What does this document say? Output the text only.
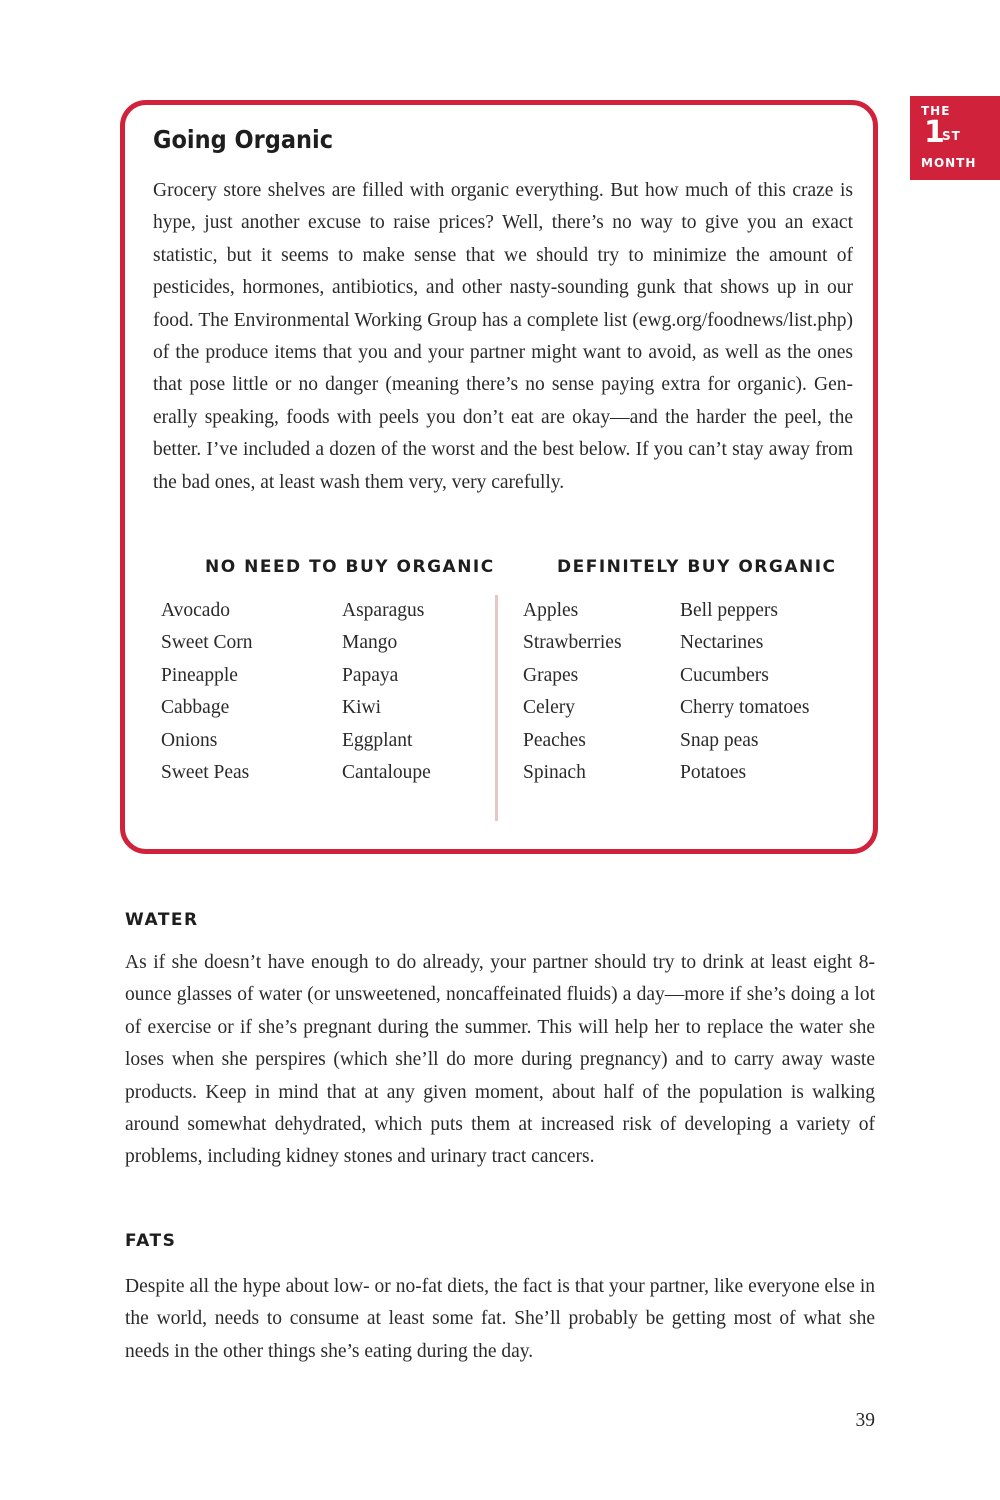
THE
1
ST
MONTH
Going Organic

Grocery store shelves are filled with organic everything. But how much of this craze is hype, just another excuse to raise prices? Well, there’s no way to give you an exact statistic, but it seems to make sense that we should try to minimize the amount of pesticides, hormones, antibiotics, and other nasty-sounding gunk that shows up in our food. The Environmental Working Group has a complete list (ewg.org/foodnews/list.php) of the produce items that you and your partner might want to avoid, as well as the ones that pose little or no danger (meaning there’s no sense paying extra for organic). Generally speaking, foods with peels you don’t eat are okay—and the harder the peel, the better. I’ve included a dozen of the worst and the best below. If you can’t stay away from the bad ones, at least wash them very, very carefully.

NO NEED TO BUY ORGANIC	DEFINITELY BUY ORGANIC
Avocado
Sweet Corn
Pineapple
Cabbage
Onions
Sweet Peas
Asparagus
Mango
Papaya
Kiwi
Eggplant
Cantaloupe
Apples
Strawberries
Grapes
Celery
Peaches
Spinach
Bell peppers
Nectarines
Cucumbers
Cherry tomatoes
Snap peas
Potatoes
WATER

As if she doesn’t have enough to do already, your partner should try to drink at least eight 8-ounce glasses of water (or unsweetened, noncaffeinated fluids) a day—more if she’s doing a lot of exercise or if she’s pregnant during the summer. This will help her to replace the water she loses when she perspires (which she’ll do more during pregnancy) and to carry away waste products. Keep in mind that at any given moment, about half of the population is walking around somewhat dehydrated, which puts them at increased risk of developing a variety of problems, including kidney stones and urinary tract cancers.

FATS

Despite all the hype about low- or no-fat diets, the fact is that your partner, like everyone else in the world, needs to consume at least some fat. She’ll probably be getting most of what she needs in the other things she’s eating during the day.

39
